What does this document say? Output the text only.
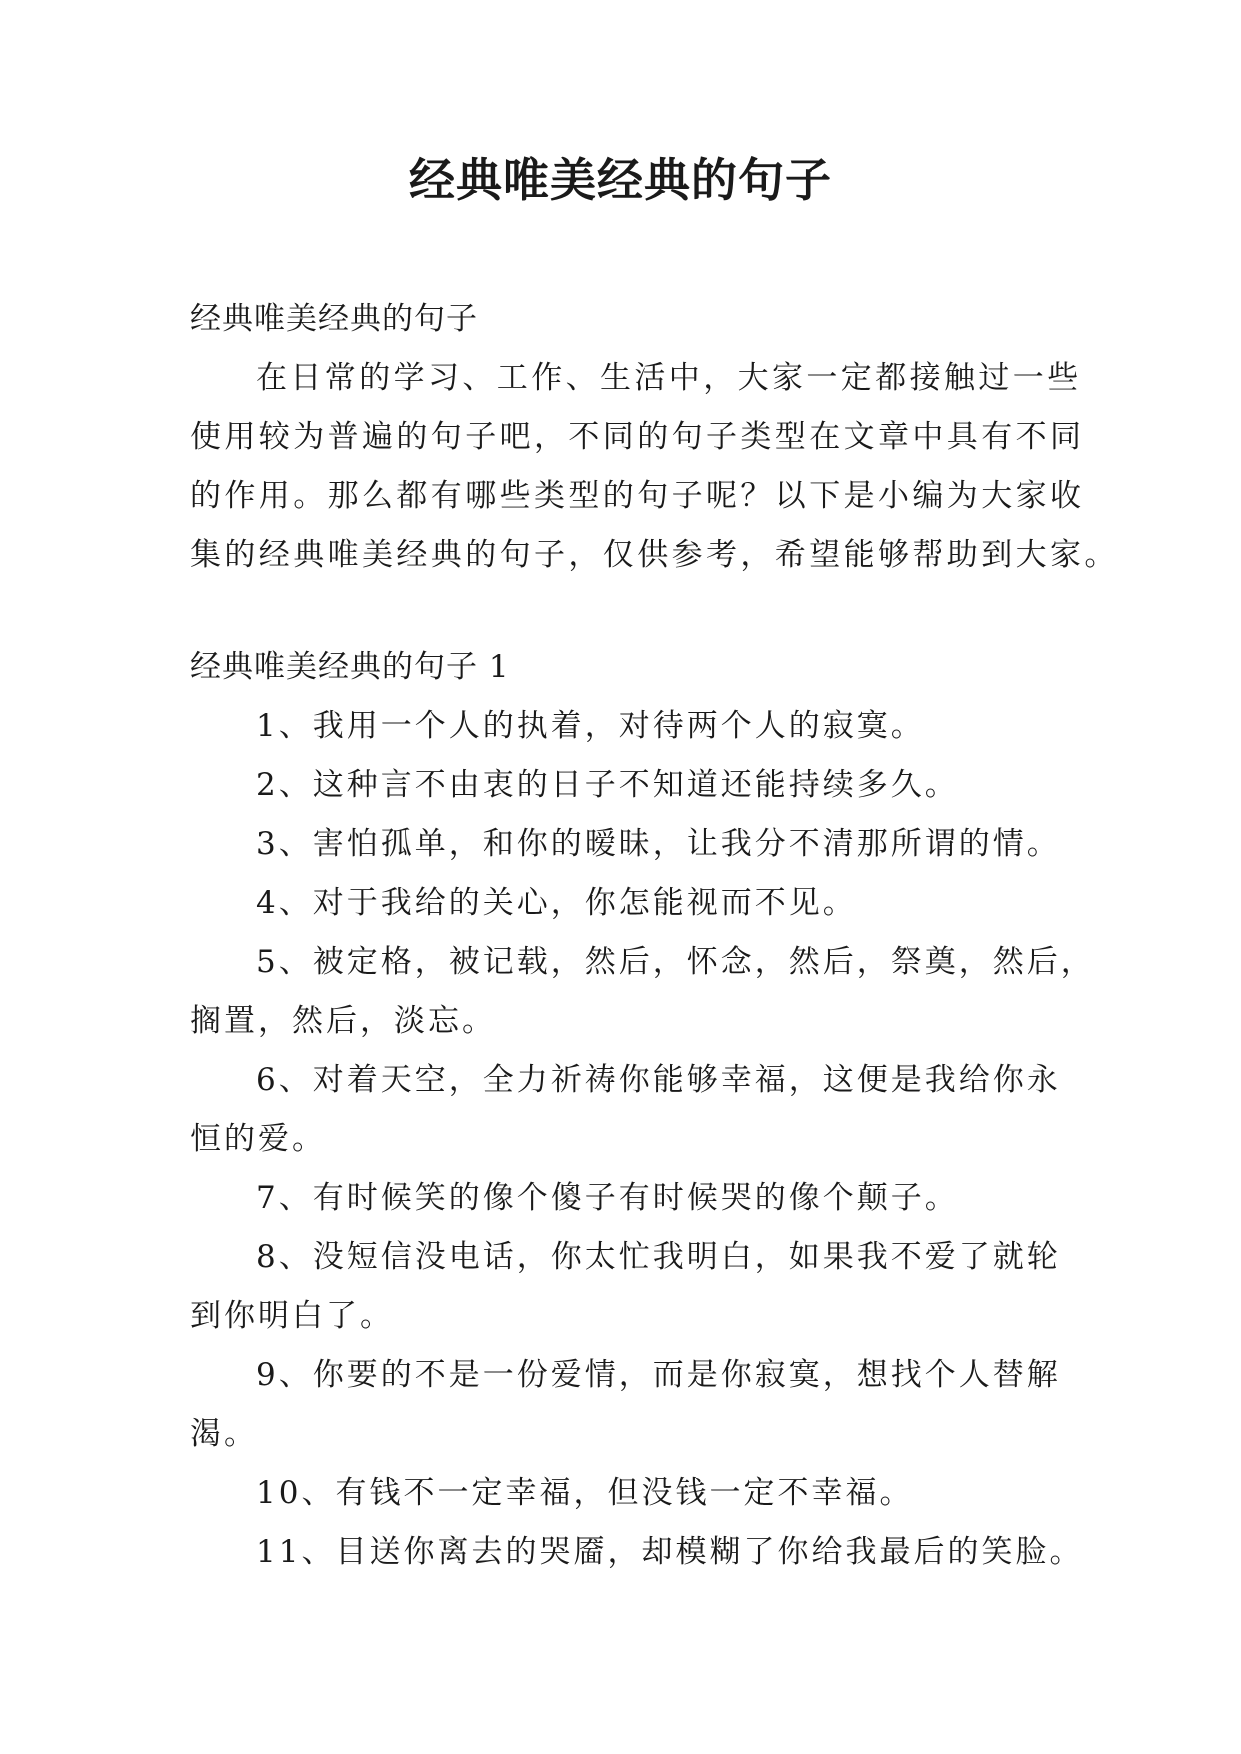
经典唯美经典的句子

经典唯美经典的句子

在日常的学习、工作、生活中，大家一定都接触过一些

使用较为普遍的句子吧，不同的句子类型在文章中具有不同

的作用。那么都有哪些类型的句子呢？以下是小编为大家收

集的经典唯美经典的句子，仅供参考，希望能够帮助到大家。

经典唯美经典的句子 1

1、我用一个人的执着，对待两个人的寂寞。

2、这种言不由衷的日子不知道还能持续多久。

3、害怕孤单，和你的暧昧，让我分不清那所谓的情。

4、对于我给的关心，你怎能视而不见。

5、被定格，被记载，然后，怀念，然后，祭奠，然后，

搁置，然后，淡忘。

6、对着天空，全力祈祷你能够幸福，这便是我给你永

恒的爱。

7、有时候笑的像个傻子有时候哭的像个颠子。

8、没短信没电话，你太忙我明白，如果我不爱了就轮

到你明白了。

9、你要的不是一份爱情，而是你寂寞，想找个人替解

渴。

10、有钱不一定幸福，但没钱一定不幸福。

11、目送你离去的哭靥，却模糊了你给我最后的笑脸。
